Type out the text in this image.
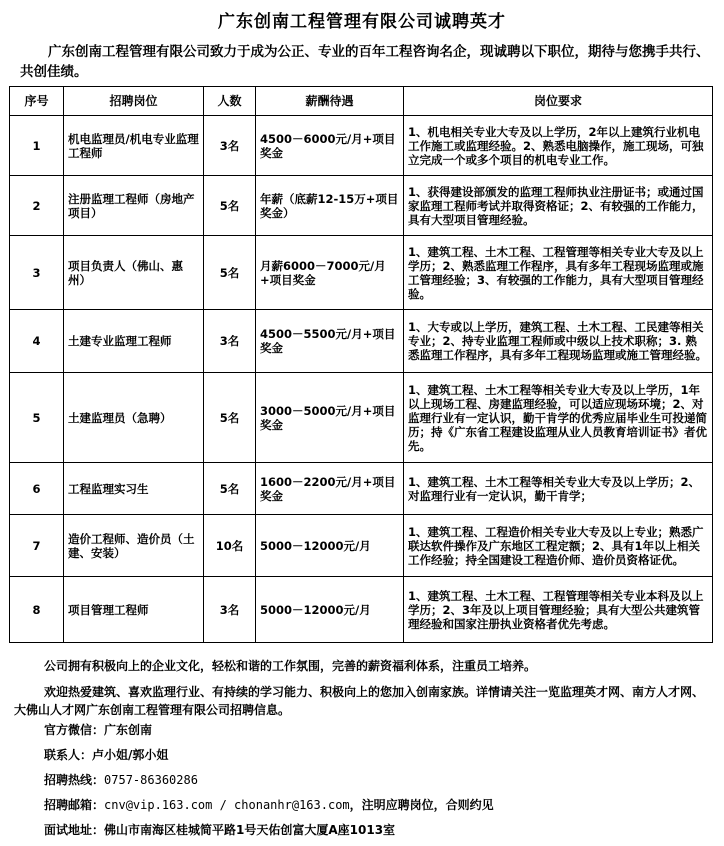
广东创南工程管理有限公司诚聘英才
广东创南工程管理有限公司致力于成为公正、专业的百年工程咨询名企，现诚聘以下职位，期待与您携手共行、共创佳绩。
序号	招聘岗位	人数	薪酬待遇	岗位要求
1	机电监理员/机电专业监理工程师	3名	4500－6000元/月+项目奖金	1、机电相关专业大专及以上学历，2年以上建筑行业机电工作施工或监理经验。2、熟悉电脑操作，施工现场，可独立完成一个或多个项目的机电专业工作。
2	注册监理工程师（房地产项目）	5名	年薪（底薪12-15万+项目奖金）	1、获得建设部颁发的监理工程师执业注册证书；或通过国家监理工程师考试并取得资格证；2、有较强的工作能力，具有大型项目管理经验。
3	项目负责人（佛山、惠州）	5名	月薪6000－7000元/月+项目奖金	1、建筑工程、土木工程、工程管理等相关专业大专及以上学历；2、熟悉监理工作程序，具有多年工程现场监理或施工管理经验；3、有较强的工作能力，具有大型项目管理经验。
4	土建专业监理工程师	3名	4500－5500元/月+项目奖金	1、大专或以上学历，建筑工程、土木工程、工民建等相关专业；2、持专业监理工程师或中级以上技术职称；3. 熟悉监理工作程序，具有多年工程现场监理或施工管理经验。
5	土建监理员（急聘）	5名	3000－5000元/月+项目奖金	1、建筑工程、土木工程等相关专业大专及以上学历，1年以上现场工程、房建监理经验，可以适应现场环境；2、对监理行业有一定认识，勤干肯学的优秀应届毕业生可投递简历；持《广东省工程建设监理从业人员教育培训证书》者优先。
6	工程监理实习生	5名	1600－2200元/月+项目奖金	1、建筑工程、土木工程等相关专业大专及以上学历；2、对监理行业有一定认识，勤干肯学；
7	造价工程师、造价员（土建、安装）	10名	5000－12000元/月	1、建筑工程、工程造价相关专业大专及以上专业；熟悉广联达软件操作及广东地区工程定额；2、具有1年以上相关工作经验；持全国建设工程造价师、造价员资格证优。
8	项目管理工程师	3名	5000－12000元/月	1、建筑工程、土木工程、工程管理等相关专业本科及以上学历；2、3年及以上项目管理经验；具有大型公共建筑管理经验和国家注册执业资格者优先考虑。

公司拥有积极向上的企业文化，轻松和谐的工作氛围，完善的薪资福利体系，注重员工培养。

欢迎热爱建筑、喜欢监理行业、有持续的学习能力、积极向上的您加入创南家族。详情请关注一览监理英才网、南方人才网、大佛山人才网广东创南工程管理有限公司招聘信息。

官方微信：广东创南

联系人：卢小姐/郭小姐

招聘热线：0757-86360286

招聘邮箱：cnv@vip.163.com / chonanhr@163.com，注明应聘岗位，合则约见

面试地址：佛山市南海区桂城简平路1号天佑创富大厦A座1013室
